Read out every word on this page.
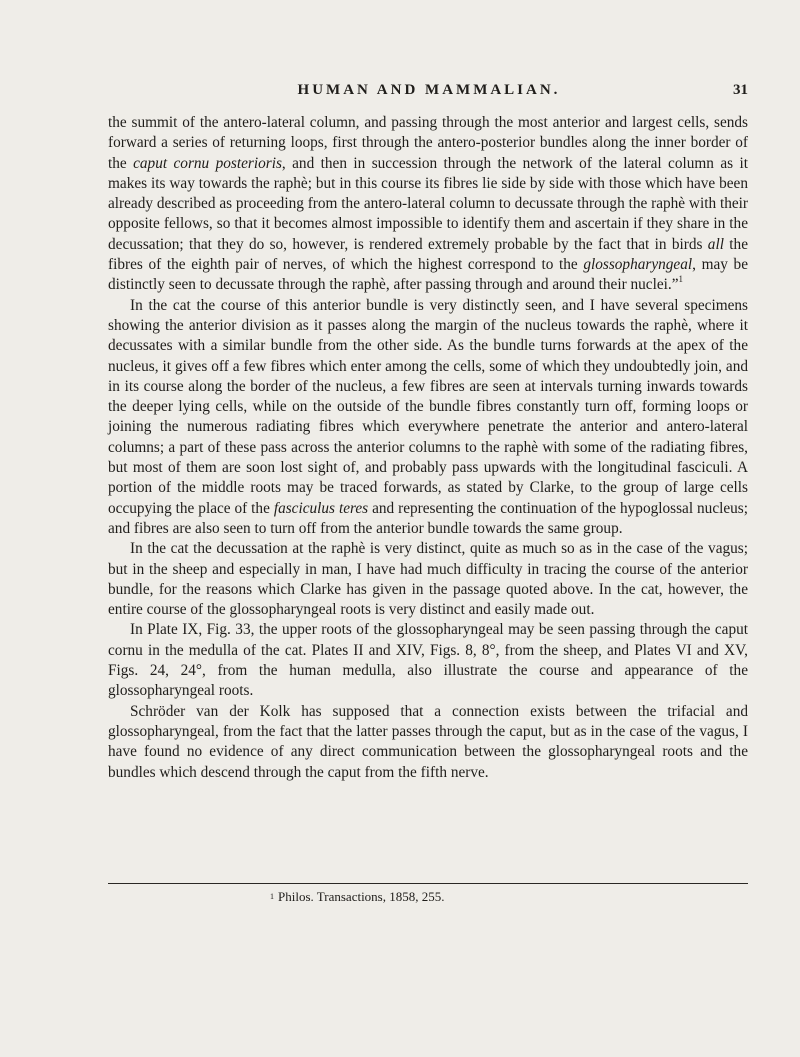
HUMAN AND MAMMALIAN.	31

the summit of the antero-lateral column, and passing through the most anterior and largest cells, sends forward a series of returning loops, first through the antero-posterior bundles along the inner border of the caput cornu posterioris, and then in succession through the network of the lateral column as it makes its way towards the raphè; but in this course its fibres lie side by side with those which have been already described as proceeding from the antero-lateral column to decussate through the raphè with their opposite fellows, so that it becomes almost impossible to identify them and ascertain if they share in the decussation; that they do so, however, is rendered extremely probable by the fact that in birds all the fibres of the eighth pair of nerves, of which the highest correspond to the glossopharyngeal, may be distinctly seen to decussate through the raphè, after passing through and around their nuclei.”$^1$

In the cat the course of this anterior bundle is very distinctly seen, and I have several specimens showing the anterior division as it passes along the margin of the nucleus towards the raphè, where it decussates with a similar bundle from the other side. As the bundle turns forwards at the apex of the nucleus, it gives off a few fibres which enter among the cells, some of which they undoubtedly join, and in its course along the border of the nucleus, a few fibres are seen at intervals turning inwards towards the deeper lying cells, while on the outside of the bundle fibres constantly turn off, forming loops or joining the numerous radiating fibres which everywhere penetrate the anterior and antero-lateral columns; a part of these pass across the anterior columns to the raphè with some of the radiating fibres, but most of them are soon lost sight of, and probably pass upwards with the longitudinal fasciculi. A portion of the middle roots may be traced forwards, as stated by Clarke, to the group of large cells occupying the place of the fasciculus teres and representing the continuation of the hypoglossal nucleus; and fibres are also seen to turn off from the anterior bundle towards the same group.

In the cat the decussation at the raphè is very distinct, quite as much so as in the case of the vagus; but in the sheep and especially in man, I have had much difficulty in tracing the course of the anterior bundle, for the reasons which Clarke has given in the passage quoted above. In the cat, however, the entire course of the glossopharyngeal roots is very distinct and easily made out.

In Plate IX, Fig. 33, the upper roots of the glossopharyngeal may be seen passing through the caput cornu in the medulla of the cat. Plates II and XIV, Figs. 8, 8°, from the sheep, and Plates VI and XV, Figs. 24, 24°, from the human medulla, also illustrate the course and appearance of the glossopharyngeal roots.

Schröder van der Kolk has supposed that a connection exists between the trifacial and glossopharyngeal, from the fact that the latter passes through the caput, but as in the case of the vagus, I have found no evidence of any direct communication between the glossopharyngeal roots and the bundles which descend through the caput from the fifth nerve.

$^1$ Philos. Transactions, 1858, 255.
